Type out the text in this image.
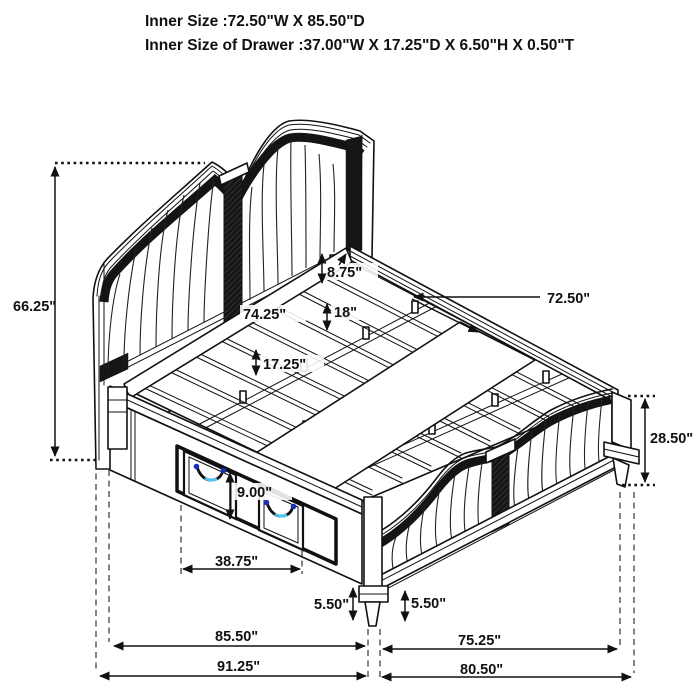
Inner Size :72.50"W X 85.50"D
Inner Size of Drawer :37.00"W X 17.25"D X 6.50"H X 0.50"T
66.25"
8.75"
74.25"	18"
17.25"
72.50"
28.50"
9.00"
38.75"
5.50"	5.50"
85.50"
91.25"
75.25"
80.50"
